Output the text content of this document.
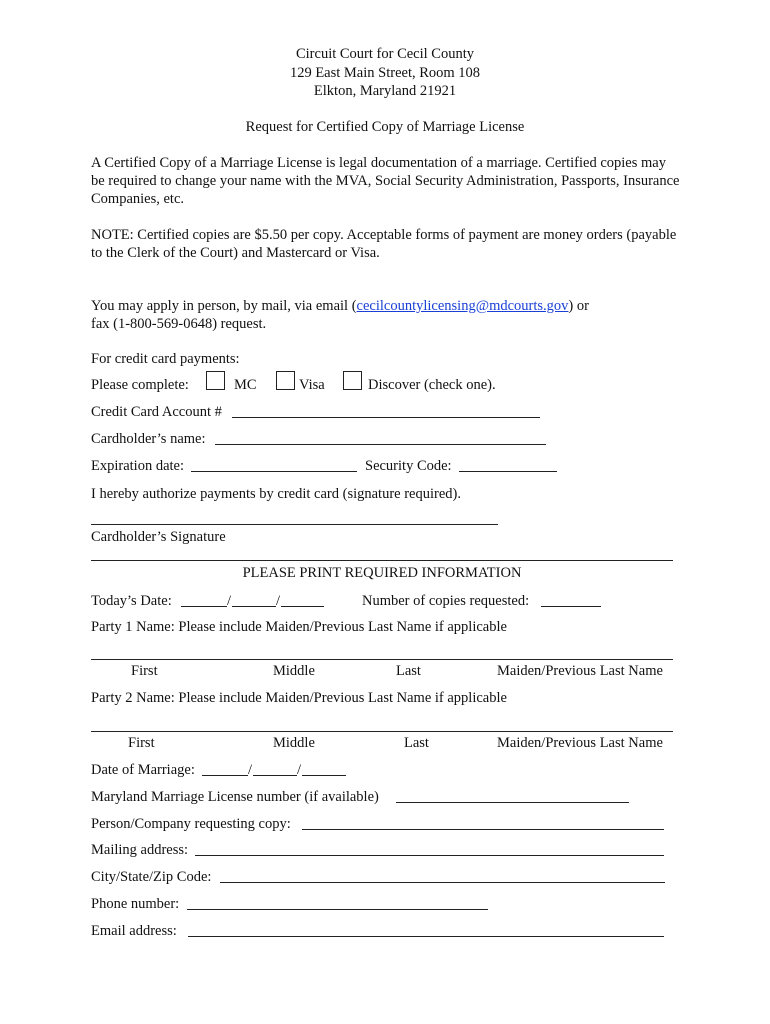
Circuit Court for Cecil County
129 East Main Street, Room 108
Elkton, Maryland 21921
Request for Certified Copy of Marriage License
A Certified Copy of a Marriage License is legal documentation of a marriage. Certified copies may be required to change your name with the MVA, Social Security Administration, Passports, Insurance Companies, etc.
NOTE: Certified copies are $5.50 per copy. Acceptable forms of payment are money orders (payable to the Clerk of the Court) and Mastercard or Visa.
You may apply in person, by mail, via email (cecilcountylicensing@mdcourts.gov) or
fax (1-800-569-0648) request.
For credit card payments:
Please complete:	MC	Visa	Discover (check one).
Credit Card Account #
Cardholder’s name:
Expiration date:	Security Code:
I hereby authorize payments by credit card (signature required).
Cardholder’s Signature
PLEASE PRINT REQUIRED INFORMATION
Today’s Date:	/	/	Number of copies requested:
Party 1 Name: Please include Maiden/Previous Last Name if applicable
First	Middle	Last	Maiden/Previous Last Name
Party 2 Name: Please include Maiden/Previous Last Name if applicable
First	Middle	Last	Maiden/Previous Last Name
Date of Marriage:	/	/
Maryland Marriage License number (if available)
Person/Company requesting copy:
Mailing address:
City/State/Zip Code:
Phone number:
Email address:
